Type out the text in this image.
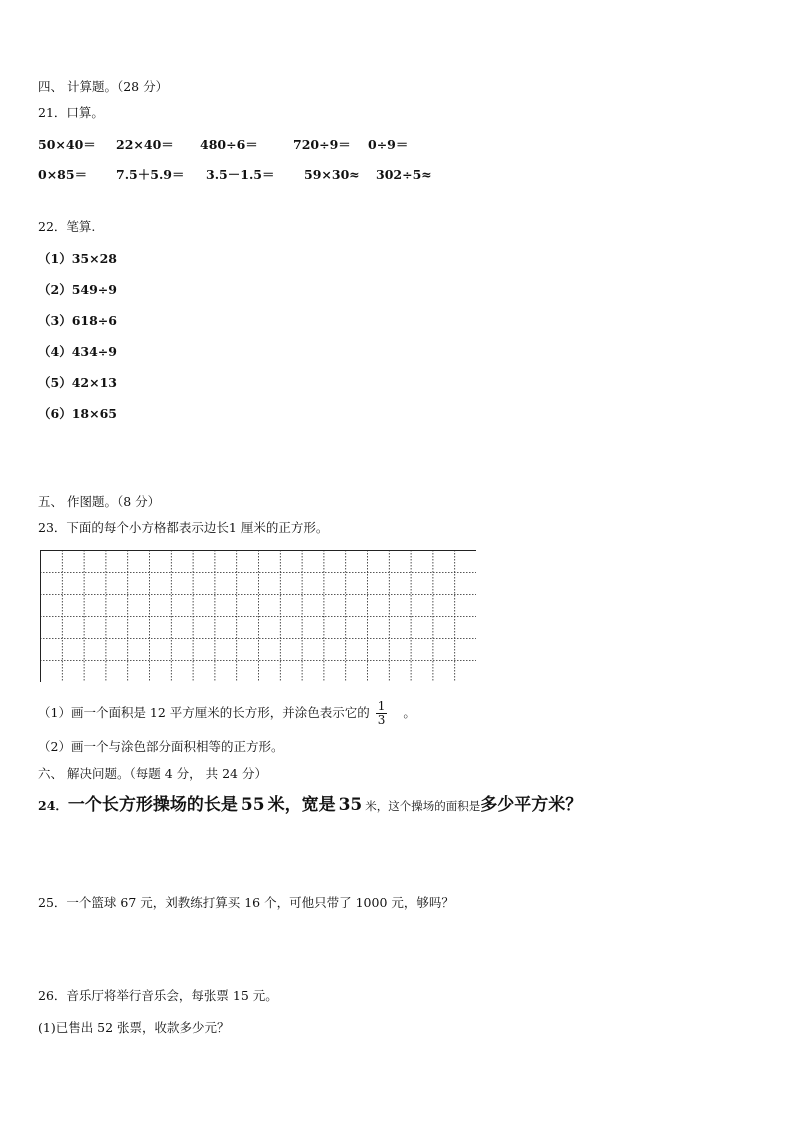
四、 计算题。（28 分）
21．口算。
50×40＝ 22×40＝ 480÷6＝	720÷9＝ 0÷9＝
0×85＝ 7.5＋5.9＝ 3.5－1.5＝ 59×30≈ 302÷5≈
22．笔算.
（1）35×28
（2）549÷9
（3）618÷6
（4）434÷9
（5）42×13
（6）18×65
五、 作图题。（8 分）
23．下面的每个小方格都表示边长1 厘米的正方形。
（1）画一个面积是 12 平方厘米的长方形，并涂色表示它的 $\frac{1}{3}$ 。
（2）画一个与涂色部分面积相等的正方形。
六、 解决问题。（每题 4 分， 共 24 分）
24．一个长方形操场的长是 55 米，宽是 35 米，这个操场的面积是多少平方米？
25．一个篮球 67 元，刘教练打算买 16 个，可他只带了 1000 元，够吗？
26．音乐厅将举行音乐会，每张票 15 元。
(1)已售出 52 张票，收款多少元？
